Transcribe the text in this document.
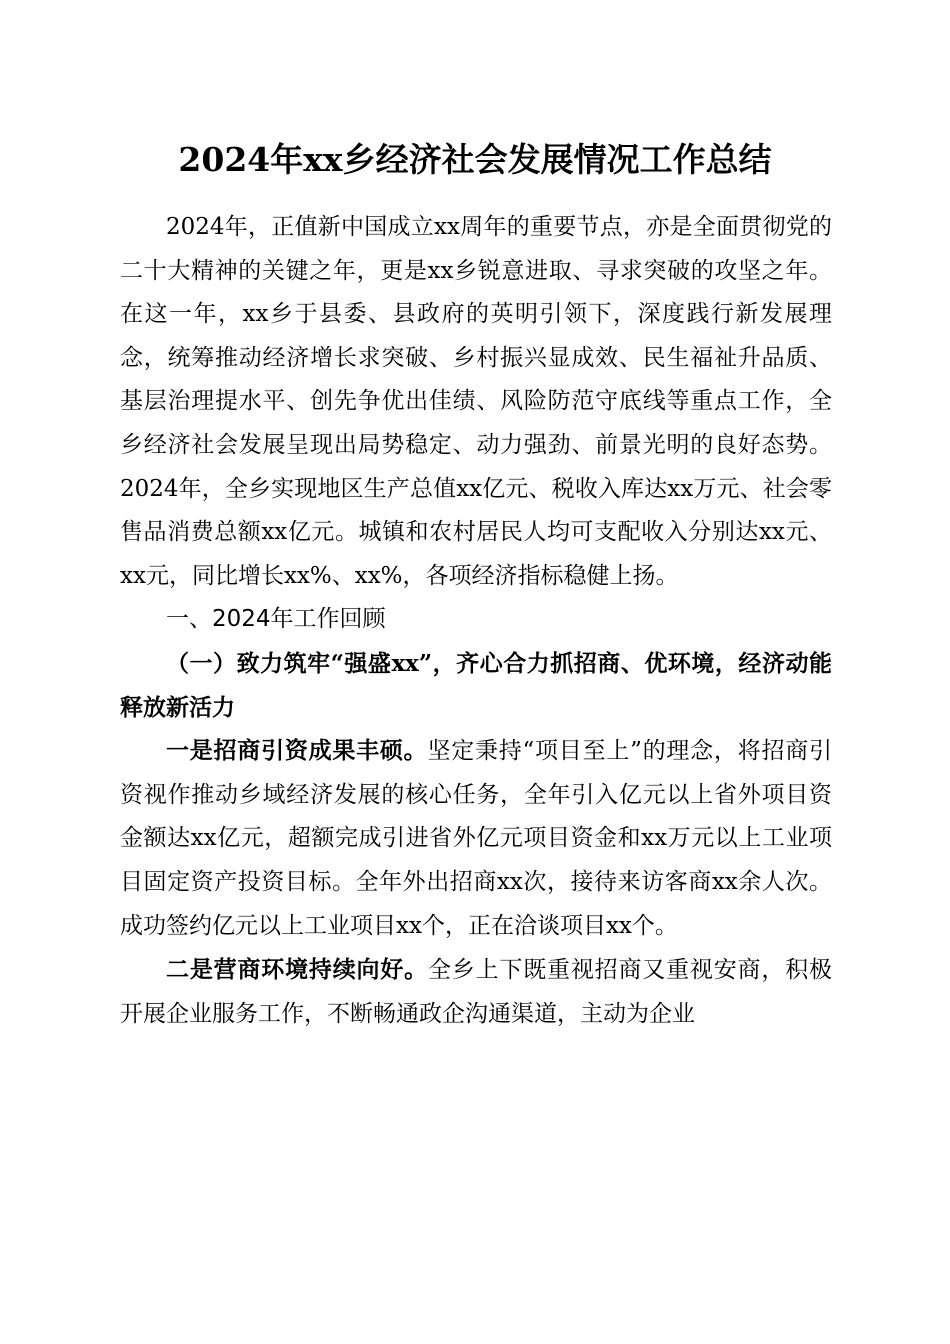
2024年xx乡经济社会发展情况工作总结

2024年，正值新中国成立xx周年的重要节点，亦是全面贯彻党的二十大精神的关键之年，更是xx乡锐意进取、寻求突破的攻坚之年。在这一年，xx乡于县委、县政府的英明引领下，深度践行新发展理念，统筹推动经济增长求突破、乡村振兴显成效、民生福祉升品质、基层治理提水平、创先争优出佳绩、风险防范守底线等重点工作，全乡经济社会发展呈现出局势稳定、动力强劲、前景光明的良好态势。2024年，全乡实现地区生产总值xx亿元、税收入库达xx万元、社会零售品消费总额xx亿元。城镇和农村居民人均可支配收入分别达xx元、xx元，同比增长xx%、xx%，各项经济指标稳健上扬。

一、2024年工作回顾

（一）致力筑牢“强盛xx”，齐心合力抓招商、优环境，经济动能释放新活力

一是招商引资成果丰硕。坚定秉持“项目至上”的理念，将招商引资视作推动乡域经济发展的核心任务，全年引入亿元以上省外项目资金额达xx亿元，超额完成引进省外亿元项目资金和xx万元以上工业项目固定资产投资目标。全年外出招商xx次，接待来访客商xx余人次。成功签约亿元以上工业项目xx个，正在洽谈项目xx个。

二是营商环境持续向好。全乡上下既重视招商又重视安商，积极开展企业服务工作，不断畅通政企沟通渠道，主动为企业
